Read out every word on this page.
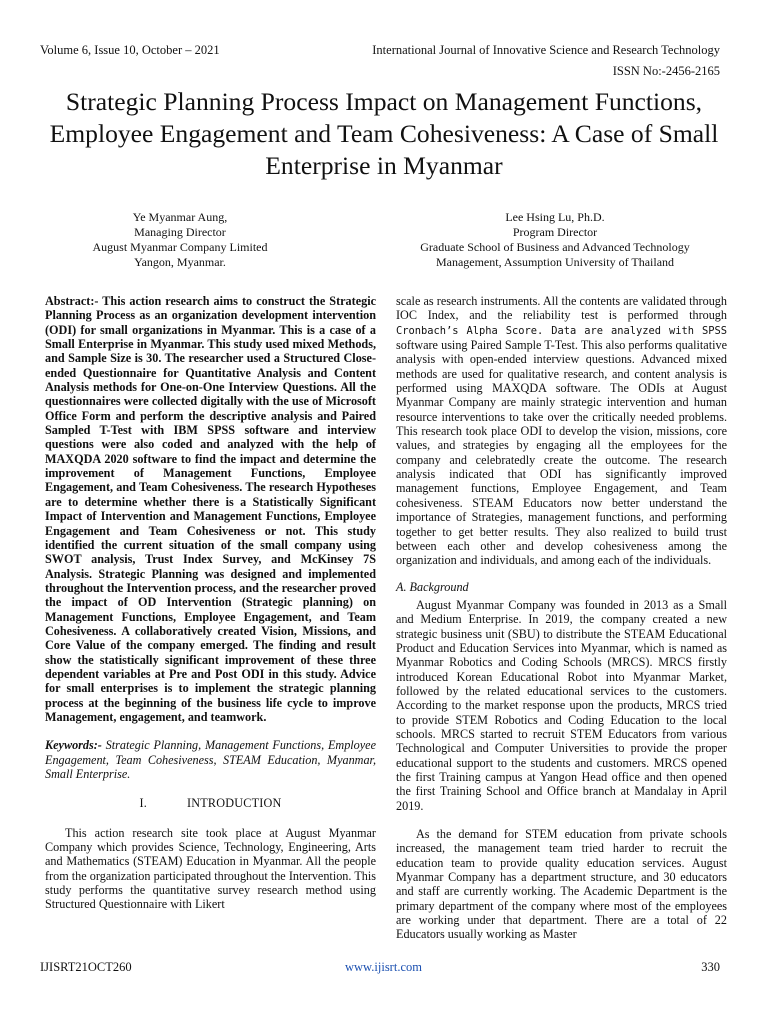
Volume 6, Issue 10, October – 2021	International Journal of Innovative Science and Research Technology
ISSN No:-2456-2165
Strategic Planning Process Impact on Management Functions, Employee Engagement and Team Cohesiveness: A Case of Small Enterprise in Myanmar
Ye Myanmar Aung,
Managing Director
August Myanmar Company Limited
Yangon, Myanmar.
Lee Hsing Lu, Ph.D.
Program Director
Graduate School of Business and Advanced Technology
Management, Assumption University of Thailand

Abstract:- This action research aims to construct the Strategic Planning Process as an organization development intervention (ODI) for small organizations in Myanmar. This is a case of a Small Enterprise in Myanmar. This study used mixed Methods, and Sample Size is 30. The researcher used a Structured Close-ended Questionnaire for Quantitative Analysis and Content Analysis methods for One-on-One Interview Questions. All the questionnaires were collected digitally with the use of Microsoft Office Form and perform the descriptive analysis and Paired Sampled T-Test with IBM SPSS software and interview questions were also coded and analyzed with the help of MAXQDA 2020 software to find the impact and determine the improvement of Management Functions, Employee Engagement, and Team Cohesiveness. The research Hypotheses are to determine whether there is a Statistically Significant Impact of Intervention and Management Functions, Employee Engagement and Team Cohesiveness or not. This study identified the current situation of the small company using SWOT analysis, Trust Index Survey, and McKinsey 7S Analysis. Strategic Planning was designed and implemented throughout the Intervention process, and the researcher proved the impact of OD Intervention (Strategic planning) on Management Functions, Employee Engagement, and Team Cohesiveness. A collaboratively created Vision, Missions, and Core Value of the company emerged. The finding and result show the statistically significant improvement of these three dependent variables at Pre and Post ODI in this study. Advice for small enterprises is to implement the strategic planning process at the beginning of the business life cycle to improve Management, engagement, and teamwork.

Keywords:- Strategic Planning, Management Functions, Employee Engagement, Team Cohesiveness, STEAM Education, Myanmar, Small Enterprise.

I.	INTRODUCTION

This action research site took place at August Myanmar Company which provides Science, Technology, Engineering, Arts and Mathematics (STEAM) Education in Myanmar. All the people from the organization participated throughout the Intervention. This study performs the quantitative survey research method using Structured Questionnaire with Likert

scale as research instruments. All the contents are validated through IOC Index, and the reliability test is performed through Cronbach’s Alpha Score. Data are analyzed with SPSS software using Paired Sample T-Test. This also performs qualitative analysis with open-ended interview questions. Advanced mixed methods are used for qualitative research, and content analysis is performed using MAXQDA software. The ODIs at August Myanmar Company are mainly strategic intervention and human resource interventions to take over the critically needed problems. This research took place ODI to develop the vision, missions, core values, and strategies by engaging all the employees for the company and celebratedly create the outcome. The research analysis indicated that ODI has significantly improved management functions, Employee Engagement, and Team cohesiveness. STEAM Educators now better understand the importance of Strategies, management functions, and performing together to get better results. They also realized to build trust between each other and develop cohesiveness among the organization and individuals, and among each of the individuals.

A. Background

August Myanmar Company was founded in 2013 as a Small and Medium Enterprise. In 2019, the company created a new strategic business unit (SBU) to distribute the STEAM Educational Product and Education Services into Myanmar, which is named as Myanmar Robotics and Coding Schools (MRCS). MRCS firstly introduced Korean Educational Robot into Myanmar Market, followed by the related educational services to the customers. According to the market response upon the products, MRCS tried to provide STEM Robotics and Coding Education to the local schools. MRCS started to recruit STEM Educators from various Technological and Computer Universities to provide the proper educational support to the students and customers. MRCS opened the first Training campus at Yangon Head office and then opened the first Training School and Office branch at Mandalay in April 2019.

As the demand for STEM education from private schools increased, the management team tried harder to recruit the education team to provide quality education services. August Myanmar Company has a department structure, and 30 educators and staff are currently working. The Academic Department is the primary department of the company where most of the employees are working under that department. There are a total of 22 Educators usually working as Master

IJISRT21OCT260	www.ijisrt.com	330
